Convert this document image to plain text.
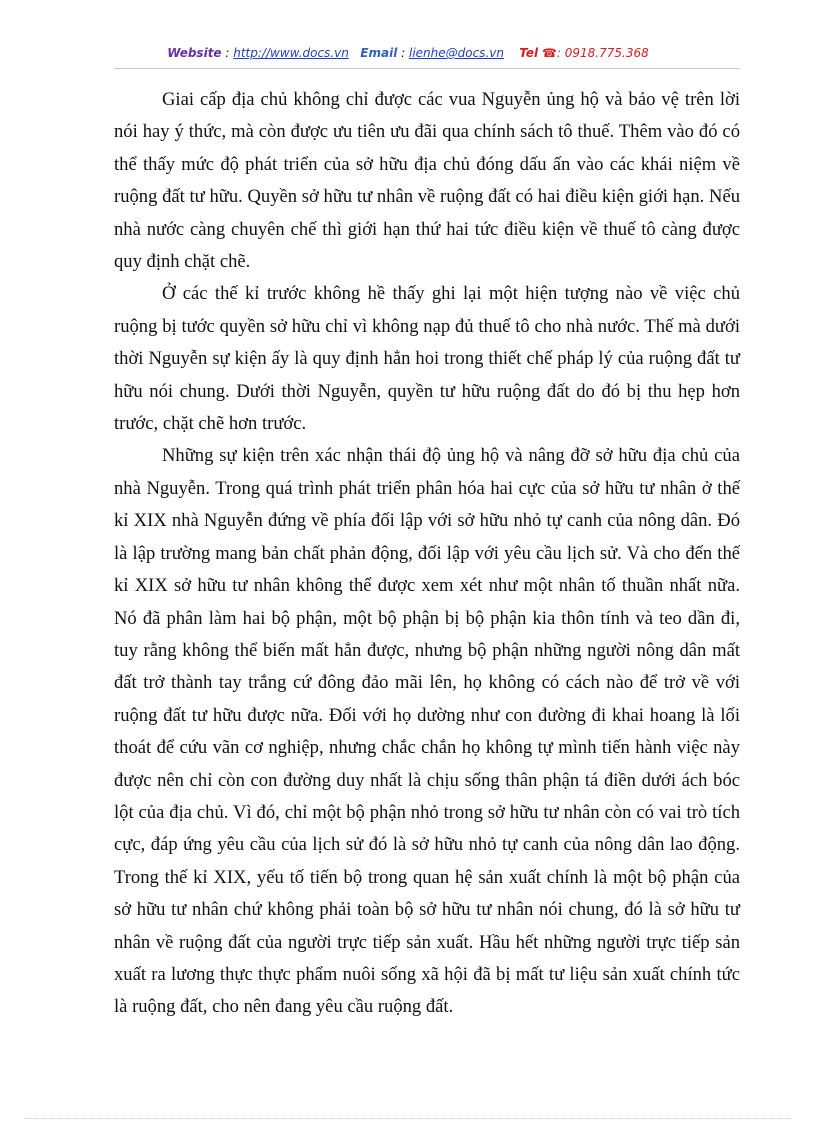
Website : http://www.docs.vn Email : lienhe@docs.vn Tel ☎: 0918.775.368

Giai cấp địa chủ không chỉ được các vua Nguyễn ủng hộ và bảo vệ trên lời nói hay ý thức, mà còn được ưu tiên ưu đãi qua chính sách tô thuế. Thêm vào đó có thể thấy mức độ phát triển của sở hữu địa chủ đóng dấu ấn vào các khái niệm về ruộng đất tư hữu. Quyền sở hữu tư nhân về ruộng đất có hai điều kiện giới hạn. Nếu nhà nước càng chuyên chế thì giới hạn thứ hai tức điều kiện về thuế tô càng được quy định chặt chẽ.

Ở các thế kỉ trước không hề thấy ghi lại một hiện tượng nào về việc chủ ruộng bị tước quyền sở hữu chỉ vì không nạp đủ thuế tô cho nhà nước. Thế mà dưới thời Nguyễn sự kiện ấy là quy định hẳn hoi trong thiết chế pháp lý của ruộng đất tư hữu nói chung. Dưới thời Nguyễn, quyền tư hữu ruộng đất do đó bị thu hẹp hơn trước, chặt chẽ hơn trước.

Những sự kiện trên xác nhận thái độ ủng hộ và nâng đỡ sở hữu địa chủ của nhà Nguyễn. Trong quá trình phát triển phân hóa hai cực của sở hữu tư nhân ở thế kỉ XIX nhà Nguyễn đứng về phía đối lập với sở hữu nhỏ tự canh của nông dân. Đó là lập trường mang bản chất phản động, đối lập với yêu cầu lịch sử. Và cho đến thế kỉ XIX sở hữu tư nhân không thể được xem xét như một nhân tố thuần nhất nữa. Nó đã phân làm hai bộ phận, một bộ phận bị bộ phận kia thôn tính và teo dần đi, tuy rằng không thể biến mất hẳn được, nhưng bộ phận những người nông dân mất đất trở thành tay trắng cứ đông đảo mãi lên, họ không có cách nào để trở về với ruộng đất tư hữu được nữa. Đối với họ dường như con đường đi khai hoang là lối thoát để cứu vãn cơ nghiệp, nhưng chắc chắn họ không tự mình tiến hành việc này được nên chỉ còn con đường duy nhất là chịu sống thân phận tá điền dưới ách bóc lột của địa chủ. Vì đó, chỉ một bộ phận nhỏ trong sở hữu tư nhân còn có vai trò tích cực, đáp ứng yêu cầu của lịch sử đó là sở hữu nhỏ tự canh của nông dân lao động. Trong thế kỉ XIX, yếu tố tiến bộ trong quan hệ sản xuất chính là một bộ phận của sở hữu tư nhân chứ không phải toàn bộ sở hữu tư nhân nói chung, đó là sở hữu tư nhân về ruộng đất của người trực tiếp sản xuất. Hầu hết những người trực tiếp sản xuất ra lương thực thực phẩm nuôi sống xã hội đã bị mất tư liệu sản xuất chính tức là ruộng đất, cho nên đang yêu cầu ruộng đất.
